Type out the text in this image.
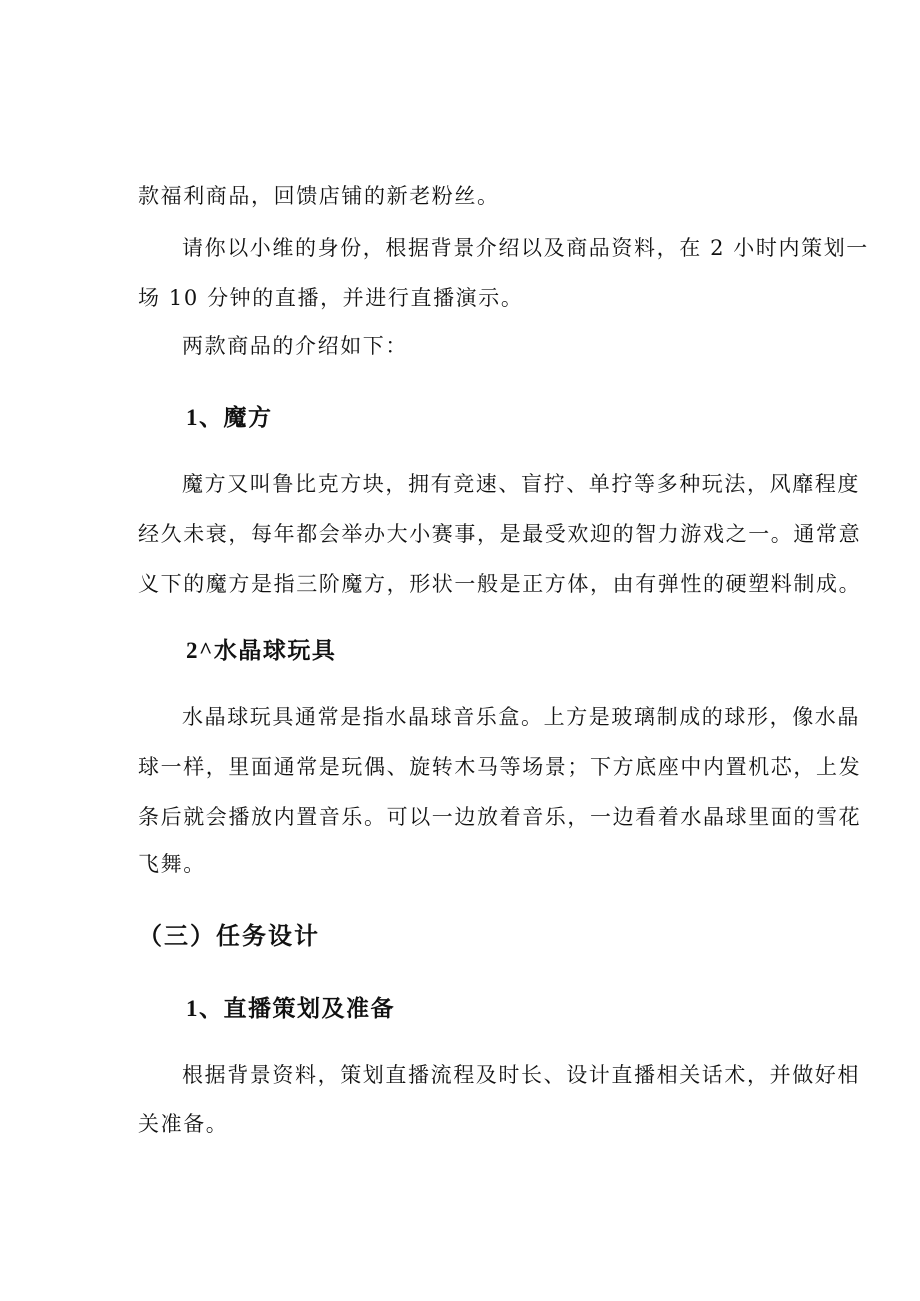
款福利商品，回馈店铺的新老粉丝。

请你以小维的身份，根据背景介绍以及商品资料，在 2 小时内策划一

场 10 分钟的直播，并进行直播演示。

两款商品的介绍如下：

1、魔方

魔方又叫鲁比克方块，拥有竞速、盲拧、单拧等多种玩法，风靡程度

经久未衰，每年都会举办大小赛事，是最受欢迎的智力游戏之一。通常意

义下的魔方是指三阶魔方，形状一般是正方体，由有弹性的硬塑料制成。

2^水晶球玩具

水晶球玩具通常是指水晶球音乐盒。上方是玻璃制成的球形，像水晶

球一样，里面通常是玩偶、旋转木马等场景；下方底座中内置机芯，上发

条后就会播放内置音乐。可以一边放着音乐，一边看着水晶球里面的雪花

飞舞。

（三）任务设计
1、直播策划及准备

根据背景资料，策划直播流程及时长、设计直播相关话术，并做好相

关准备。
